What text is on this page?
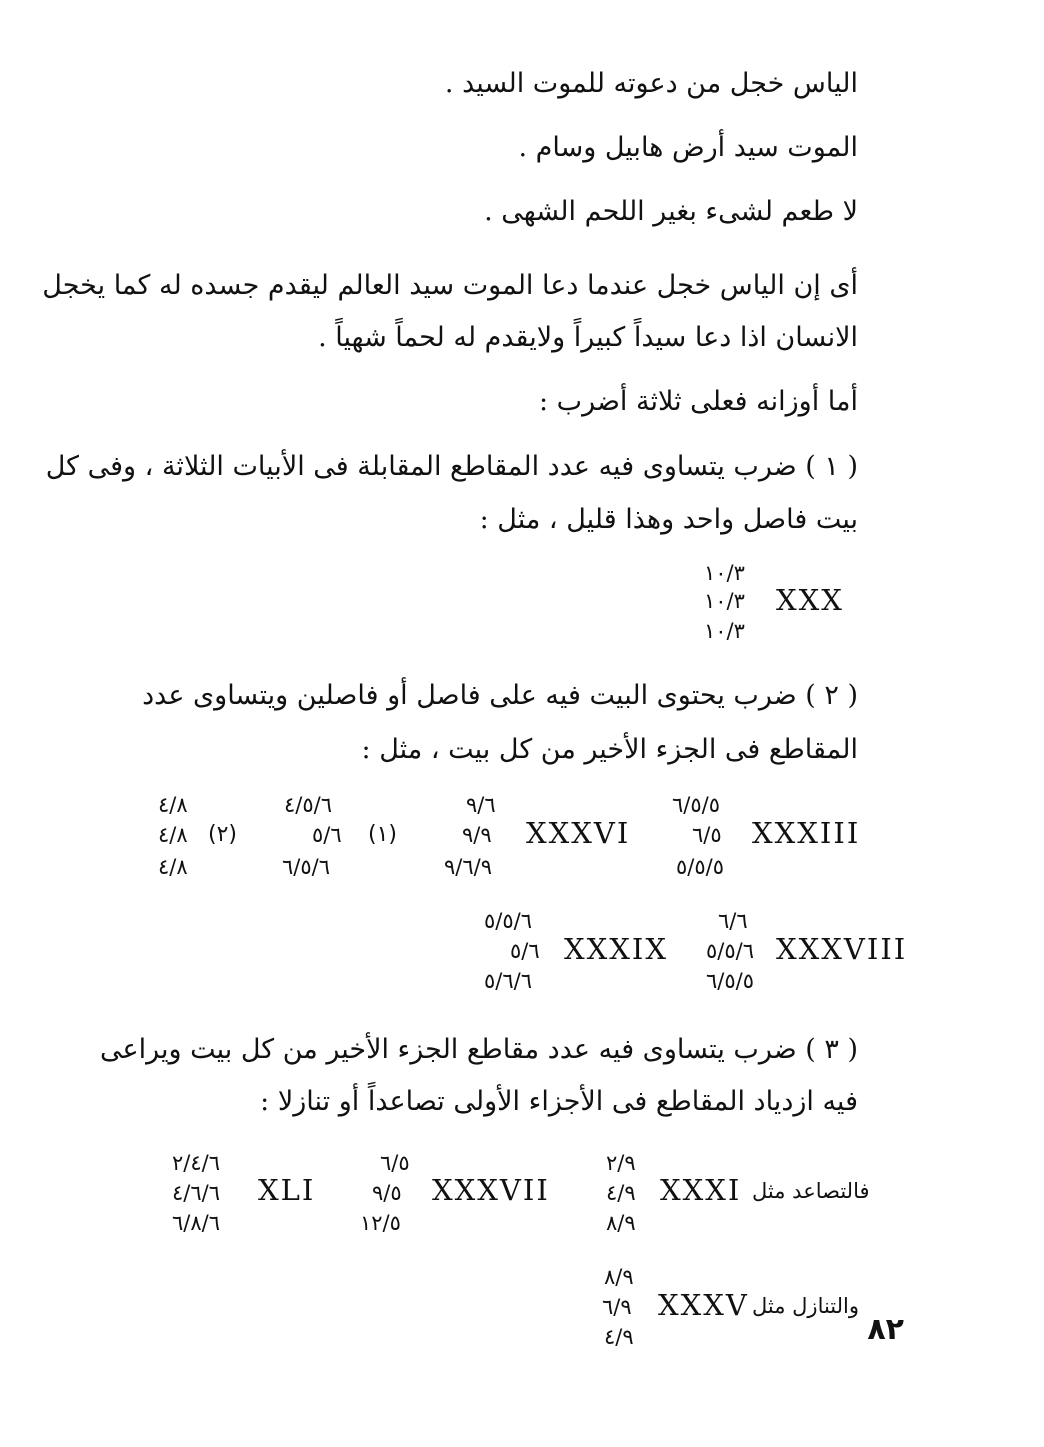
الياس خجل من دعوته للموت السيد .
الموت سيد أرض هابيل وسام .
لا طعم لشىء بغير اللحم الشهى .
أى إن الياس خجل عندما دعا الموت سيد العالم ليقدم جسده له كما يخجل
الانسان اذا دعا سيداً كبيراً ولايقدم له لحماً شهياً .
أما أوزانه فعلى ثلاثة أضرب :
( ١ ) ضرب يتساوى فيه عدد المقاطع المقابلة فى الأبيات الثلاثة ، وفى كل
بيت فاصل واحد وهذا قليل ، مثل :
١٠/٣
١٠/٣
١٠/٣
XXX
( ٢ ) ضرب يحتوى البيت فيه على فاصل أو فاصلين ويتساوى عدد
المقاطع فى الجزء الأخير من كل بيت ، مثل :
٦/٥/٥
٦/٥
٥/٥/٥
XXXIII
٩/٦
٩/٩
٩/٦/٩
XXXVI
٤/٥/٦
٥/٦
٦/٥/٦
(١)
٤/٨
٤/٨
٤/٨
(٢)
٦/٦
٥/٥/٦
٦/٥/٥
XXXVIII
٥/٥/٦
٥/٦
٥/٦/٦
XXXIX
( ٣ ) ضرب يتساوى فيه عدد مقاطع الجزء الأخير من كل بيت ويراعى
فيه ازدياد المقاطع فى الأجزاء الأولى تصاعداً أو تنازلا :
٢/٩
٤/٩
٨/٩
XXXI فالتصاعد مثل
٦/٥
٩/٥
١٢/٥
XXXVII
٢/٤/٦
٤/٦/٦
٦/٨/٦
XLI
٨/٩
٦/٩
٤/٩
XXXV والتنازل مثل
٨٢
